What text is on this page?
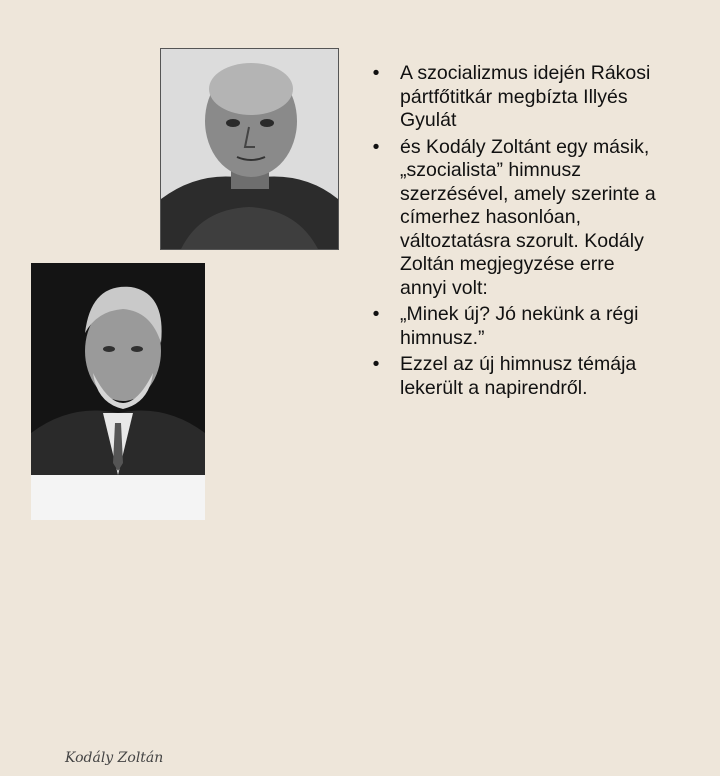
Kodály Zoltán
•	A szocializmus idején Rákosi pártfőtitkár megbízta Illyés Gyulát
•	és Kodály Zoltánt egy másik, „szocialista” himnusz szerzésével, amely szerinte a címerhez hasonlóan, változtatásra szorult. Kodály Zoltán megjegyzése erre annyi volt:
•	„Minek új? Jó nekünk a régi himnusz.”
•	Ezzel az új himnusz témája lekerült a napirendről.
